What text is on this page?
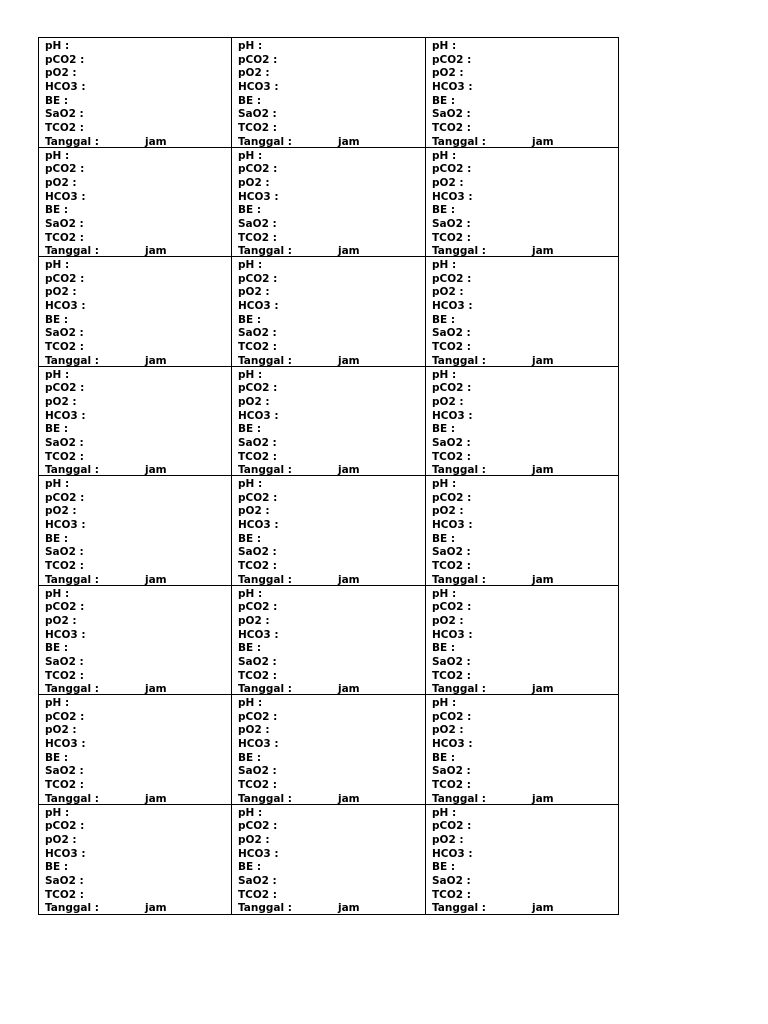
pH :
pCO2 :
pO2 :
HCO3 :
BE :
SaO2 :
TCO2 :
Tanggal :	jam
pH :
pCO2 :
pO2 :
HCO3 :
BE :
SaO2 :
TCO2 :
Tanggal :	jam
pH :
pCO2 :
pO2 :
HCO3 :
BE :
SaO2 :
TCO2 :
Tanggal :	jam
pH :
pCO2 :
pO2 :
HCO3 :
BE :
SaO2 :
TCO2 :
Tanggal :	jam
pH :
pCO2 :
pO2 :
HCO3 :
BE :
SaO2 :
TCO2 :
Tanggal :	jam
pH :
pCO2 :
pO2 :
HCO3 :
BE :
SaO2 :
TCO2 :
Tanggal :	jam
pH :
pCO2 :
pO2 :
HCO3 :
BE :
SaO2 :
TCO2 :
Tanggal :	jam
pH :
pCO2 :
pO2 :
HCO3 :
BE :
SaO2 :
TCO2 :
Tanggal :	jam
pH :
pCO2 :
pO2 :
HCO3 :
BE :
SaO2 :
TCO2 :
Tanggal :	jam
pH :
pCO2 :
pO2 :
HCO3 :
BE :
SaO2 :
TCO2 :
Tanggal :	jam
pH :
pCO2 :
pO2 :
HCO3 :
BE :
SaO2 :
TCO2 :
Tanggal :	jam
pH :
pCO2 :
pO2 :
HCO3 :
BE :
SaO2 :
TCO2 :
Tanggal :	jam
pH :
pCO2 :
pO2 :
HCO3 :
BE :
SaO2 :
TCO2 :
Tanggal :	jam
pH :
pCO2 :
pO2 :
HCO3 :
BE :
SaO2 :
TCO2 :
Tanggal :	jam
pH :
pCO2 :
pO2 :
HCO3 :
BE :
SaO2 :
TCO2 :
Tanggal :	jam
pH :
pCO2 :
pO2 :
HCO3 :
BE :
SaO2 :
TCO2 :
Tanggal :	jam
pH :
pCO2 :
pO2 :
HCO3 :
BE :
SaO2 :
TCO2 :
Tanggal :	jam
pH :
pCO2 :
pO2 :
HCO3 :
BE :
SaO2 :
TCO2 :
Tanggal :	jam
pH :
pCO2 :
pO2 :
HCO3 :
BE :
SaO2 :
TCO2 :
Tanggal :	jam
pH :
pCO2 :
pO2 :
HCO3 :
BE :
SaO2 :
TCO2 :
Tanggal :	jam
pH :
pCO2 :
pO2 :
HCO3 :
BE :
SaO2 :
TCO2 :
Tanggal :	jam
pH :
pCO2 :
pO2 :
HCO3 :
BE :
SaO2 :
TCO2 :
Tanggal :	jam
pH :
pCO2 :
pO2 :
HCO3 :
BE :
SaO2 :
TCO2 :
Tanggal :	jam
pH :
pCO2 :
pO2 :
HCO3 :
BE :
SaO2 :
TCO2 :
Tanggal :	jam
